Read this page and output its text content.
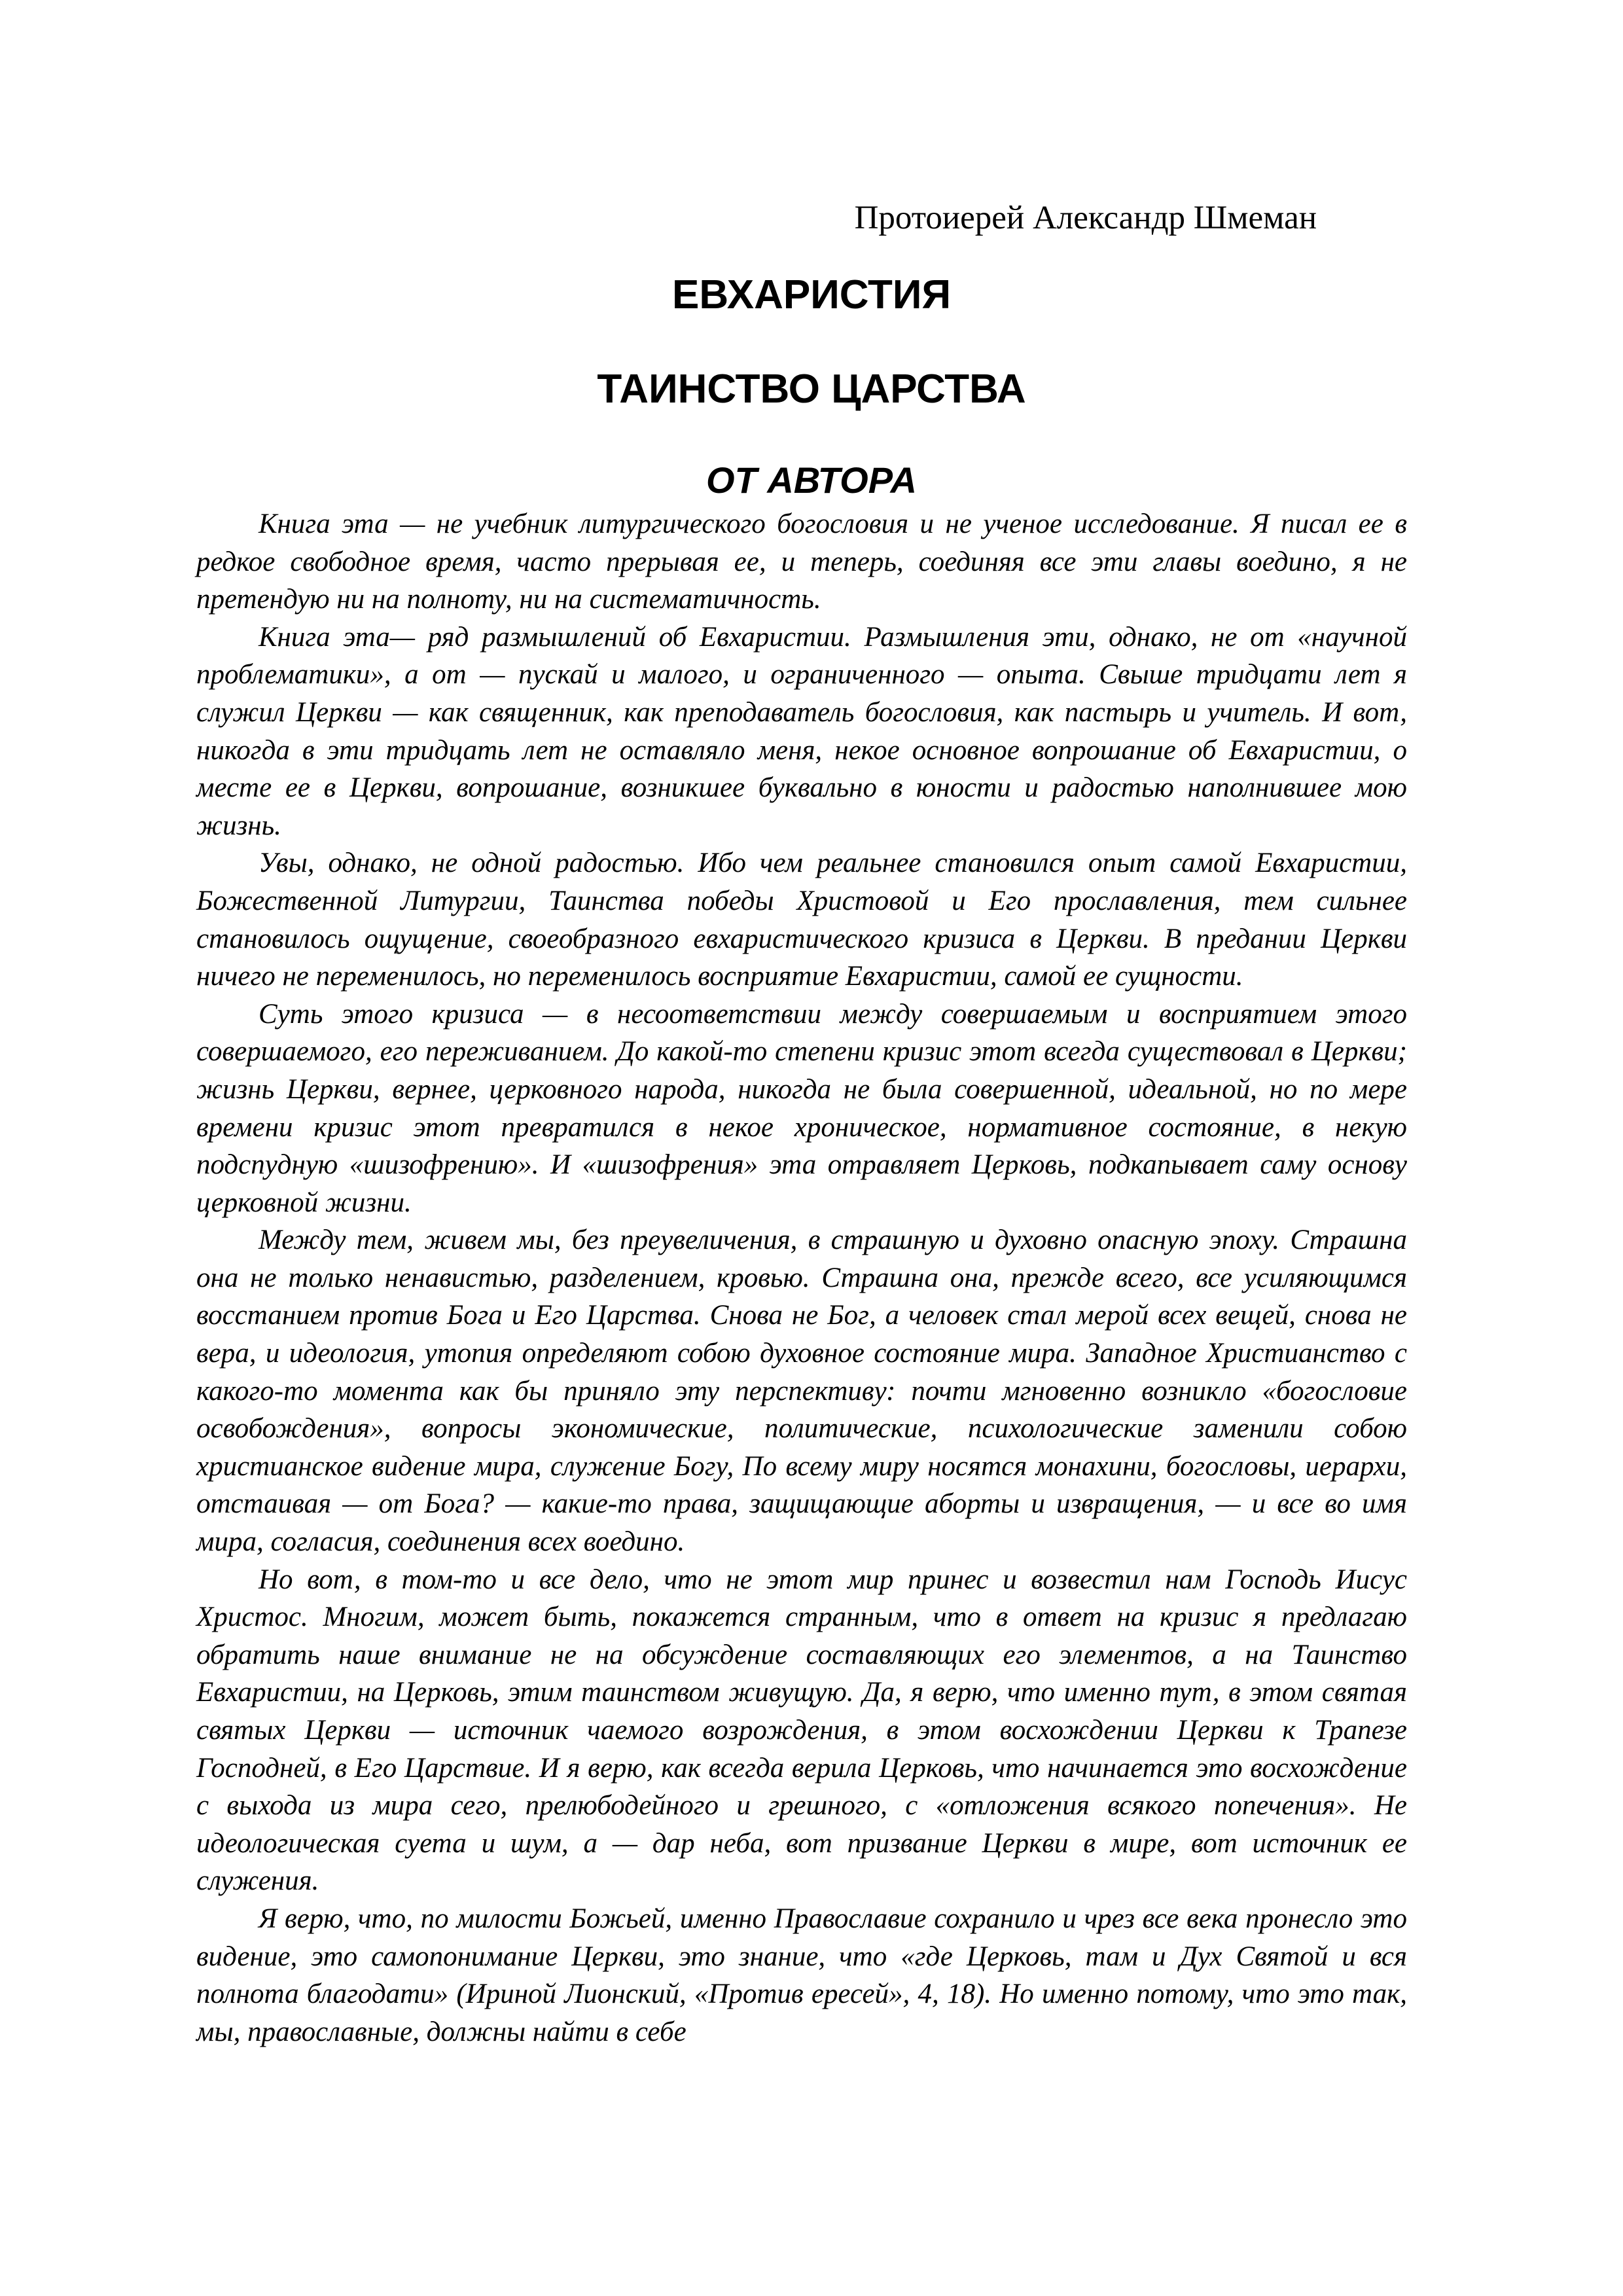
Протоиерей Александр Шмеман
ЕВХАРИСТИЯ
ТАИНСТВО ЦАРСТВА
ОТ АВТОРА

Книга эта — не учебник литургического богословия и не ученое исследование. Я писал ее в редкое свободное время, часто прерывая ее, и теперь, соединяя все эти главы воедино, я не претендую ни на полноту, ни на систематичность.

Книга эта— ряд размышлений об Евхаристии. Размышления эти, однако, не от «научной проблематики», а от — пускай и малого, и ограниченного — опыта. Свыше тридцати лет я служил Церкви — как священник, как преподаватель богословия, как пастырь и учитель. И вот, никогда в эти тридцать лет не оставляло меня, некое основное вопрошание об Евхаристии, о месте ее в Церкви, вопрошание, возникшее буквально в юности и радостью наполнившее мою жизнь.

Увы, однако, не одной радостью. Ибо чем реальнее становился опыт самой Евхаристии, Божественной Литургии, Таинства победы Христовой и Его прославления, тем сильнее становилось ощущение, своеобразного евхаристического кризиса в Церкви. В предании Церкви ничего не переменилось, но переменилось восприятие Евхаристии, самой ее сущности.

Суть этого кризиса — в несоответствии между совершаемым и восприятием этого совершаемого, его переживанием. До какой-то степени кризис этот всегда существовал в Церкви; жизнь Церкви, вернее, церковного народа, никогда не была совершенной, идеальной, но по мере времени кризис этот превратился в некое хроническое, нормативное состояние, в некую подспудную «шизофрению». И «шизофрения» эта отравляет Церковь, подкапывает саму основу церковной жизни.

Между тем, живем мы, без преувеличения, в страшную и духовно опасную эпоху. Страшна она не только ненавистью, разделением, кровью. Страшна она, прежде всего, все усиляющимся восстанием против Бога и Его Царства. Снова не Бог, а человек стал мерой всех вещей, снова не вера, и идеология, утопия определяют собою духовное состояние мира. Западное Христианство с какого-то момента как бы приняло эту перспективу: почти мгновенно возникло «богословие освобождения», вопросы экономические, политические, психологические заменили собою христианское видение мира, служение Богу, По всему миру носятся монахини, богословы, иерархи, отстаивая — от Бога? — какие-то права, защищающие аборты и извращения, — и все во имя мира, согласия, соединения всех воедино.

Но вот, в том-то и все дело, что не этот мир принес и возвестил нам Господь Иисус Христос. Многим, может быть, покажется странным, что в ответ на кризис я предлагаю обратить наше внимание не на обсуждение составляющих его элементов, а на Таинство Евхаристии, на Церковь, этим таинством живущую. Да, я верю, что именно тут, в этом святая святых Церкви — источник чаемого возрождения, в этом восхождении Церкви к Трапезе Господней, в Его Царствие. И я верю, как всегда верила Церковь, что начинается это восхождение с выхода из мира сего, прелюбодейного и грешного, с «отложения всякого попечения». Не идеологическая суета и шум, а — дар неба, вот призвание Церкви в мире, вот источник ее служения.

Я верю, что, по милости Божьей, именно Православие сохранило и чрез все века пронесло это видение, это самопонимание Церкви, это знание, что «где Церковь, там и Дух Святой и вся полнота благодати» (Ириной Лионский, «Против ересей», 4, 18). Но именно потому, что это так, мы, православные, должны найти в себе
